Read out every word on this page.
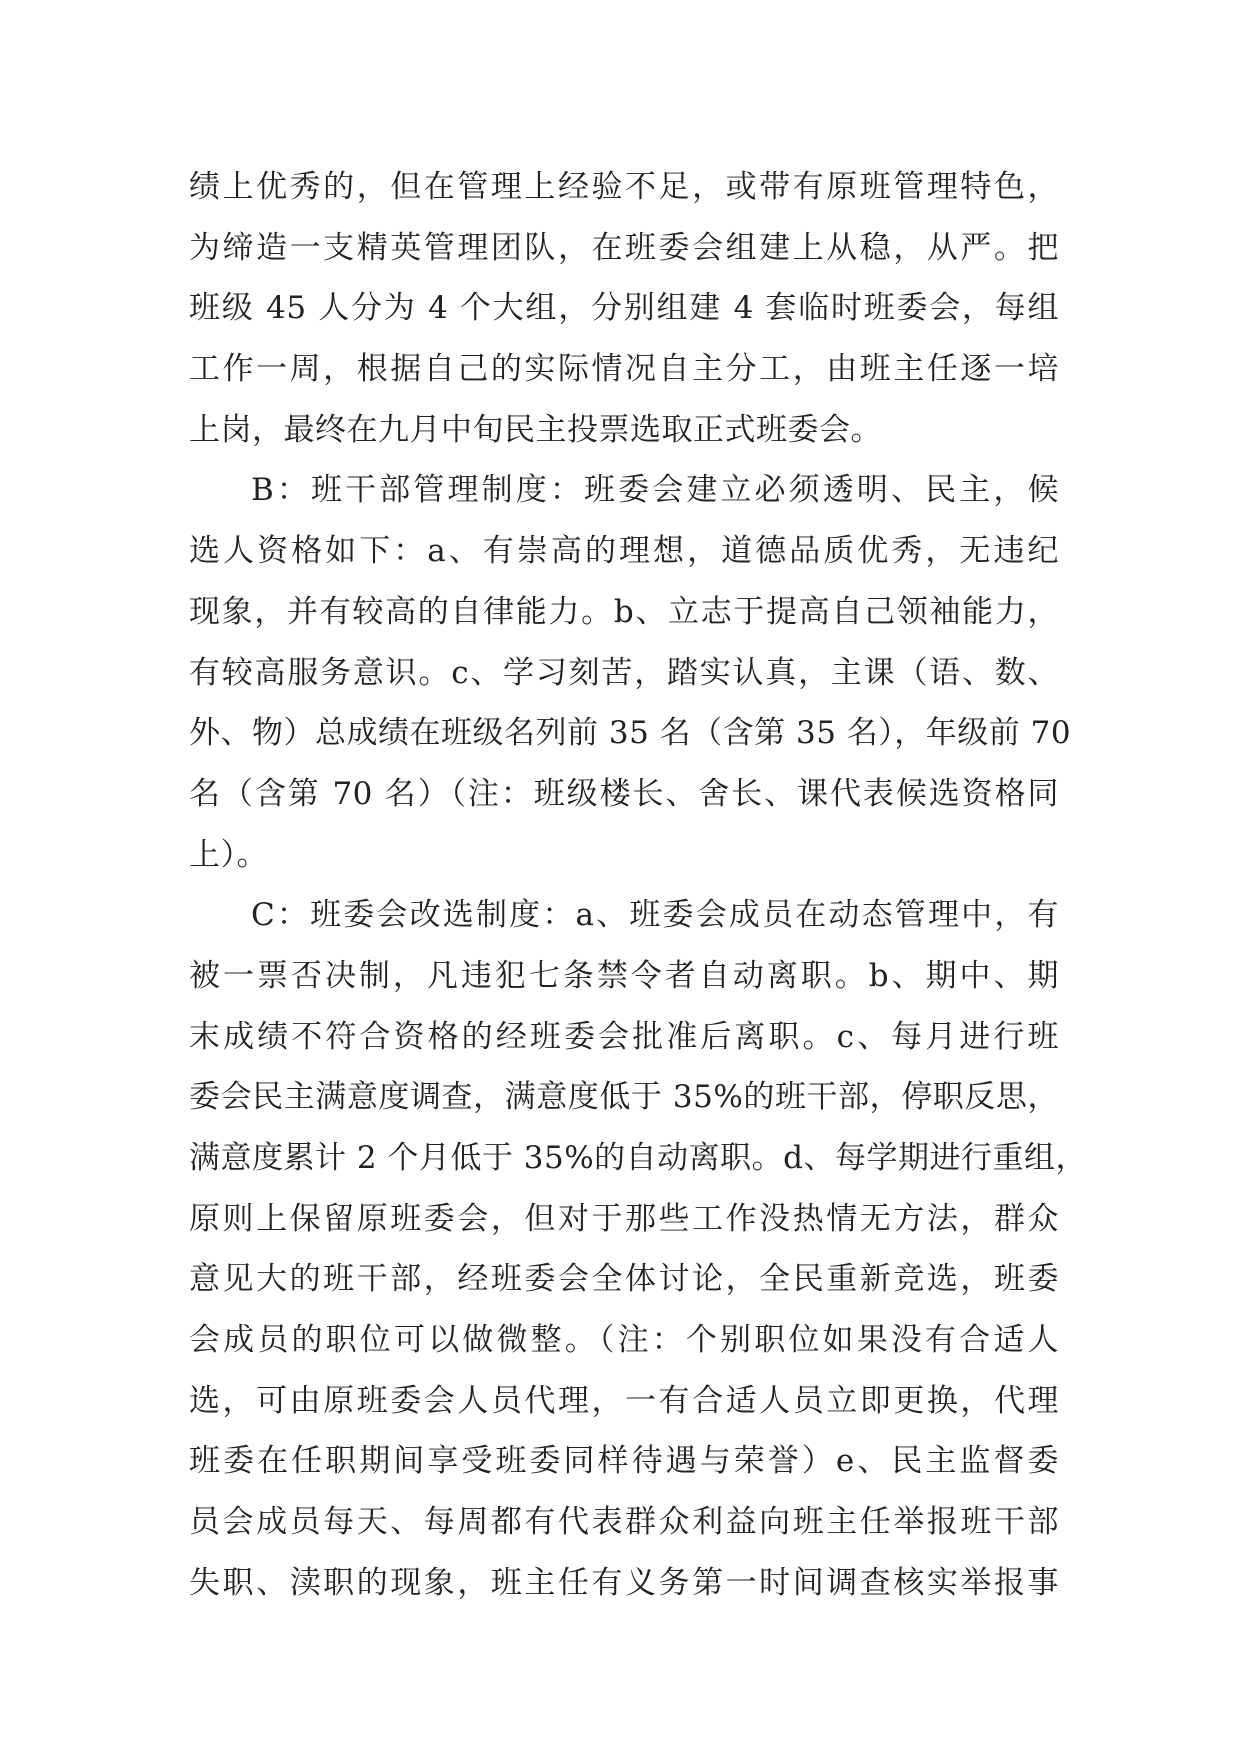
绩上优秀的，但在管理上经验不足，或带有原班管理特色，
为缔造一支精英管理团队，在班委会组建上从稳，从严。把
班级 45 人分为 4 个大组，分别组建 4 套临时班委会，每组
工作一周，根据自己的实际情况自主分工，由班主任逐一培
上岗，最终在九月中旬民主投票选取正式班委会。
B：班干部管理制度：班委会建立必须透明、民主，候
选人资格如下：a、有崇高的理想，道德品质优秀，无违纪
现象，并有较高的自律能力。b、立志于提高自己领袖能力，
有较高服务意识。c、学习刻苦，踏实认真，主课（语、数、
外、物）总成绩在班级名列前 35 名（含第 35 名），年级前 70
名（含第 70 名）（注：班级楼长、舍长、课代表候选资格同
上）。
C：班委会改选制度：a、班委会成员在动态管理中，有
被一票否决制，凡违犯七条禁令者自动离职。b、期中、期
末成绩不符合资格的经班委会批准后离职。c、每月进行班
委会民主满意度调查，满意度低于 35%的班干部，停职反思，
满意度累计 2 个月低于 35%的自动离职。d、每学期进行重组，
原则上保留原班委会，但对于那些工作没热情无方法，群众
意见大的班干部，经班委会全体讨论，全民重新竞选，班委
会成员的职位可以做微整。（注：个别职位如果没有合适人
选，可由原班委会人员代理，一有合适人员立即更换，代理
班委在任职期间享受班委同样待遇与荣誉）e、民主监督委
员会成员每天、每周都有代表群众利益向班主任举报班干部
失职、渎职的现象，班主任有义务第一时间调查核实举报事
